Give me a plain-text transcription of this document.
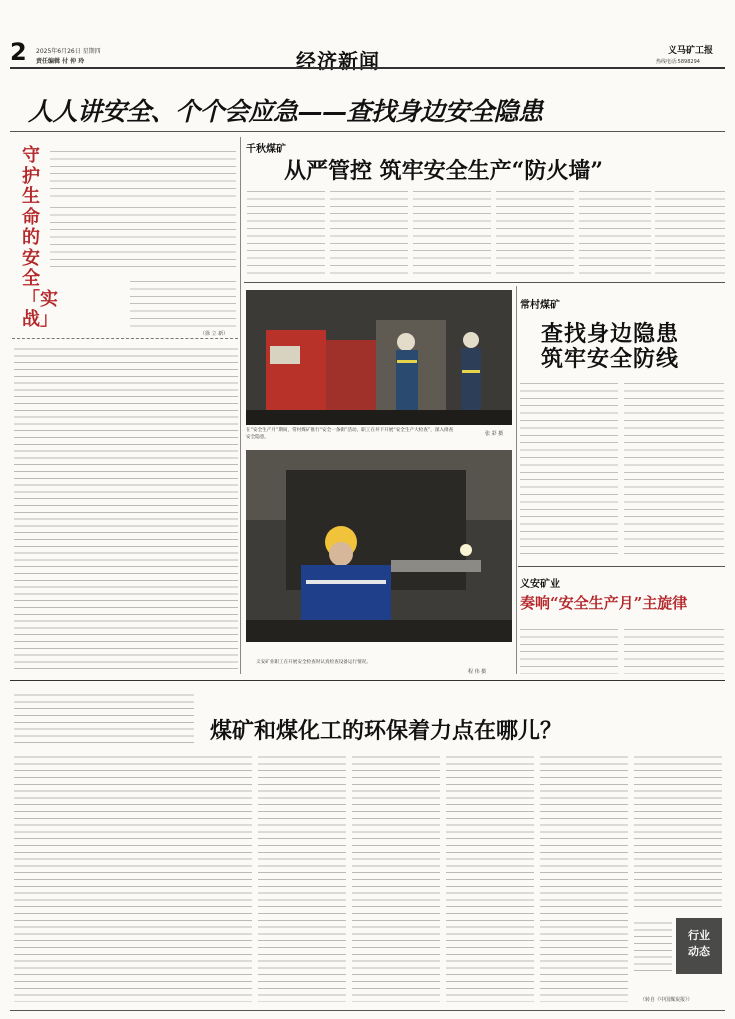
2 2025年6月26日 星期四
责任编辑 付 仲 玲	经济新闻	义马矿工报
热线电话:5898294
人人讲安全、个个会应急——查找身边安全隐患
守护生命的安全「实战」
（徐 立 新）
千秋煤矿
从严管控 筑牢安全生产“防火墙”
在“安全生产月”期间，常村煤矿推行“安全一条街”活动，职工在井下开展“安全生产大检查”，深入排查安全隐患。	张 彩 摄
义安矿业职工在开展安全检查时认真检查设备运行情况。
程 伟 摄
常村煤矿
查找身边隐患
筑牢安全防线
义安矿业
奏响“安全生产月”主旋律
煤矿和煤化工的环保着力点在哪儿？
行业
动态
（转自《中国煤炭报》）
